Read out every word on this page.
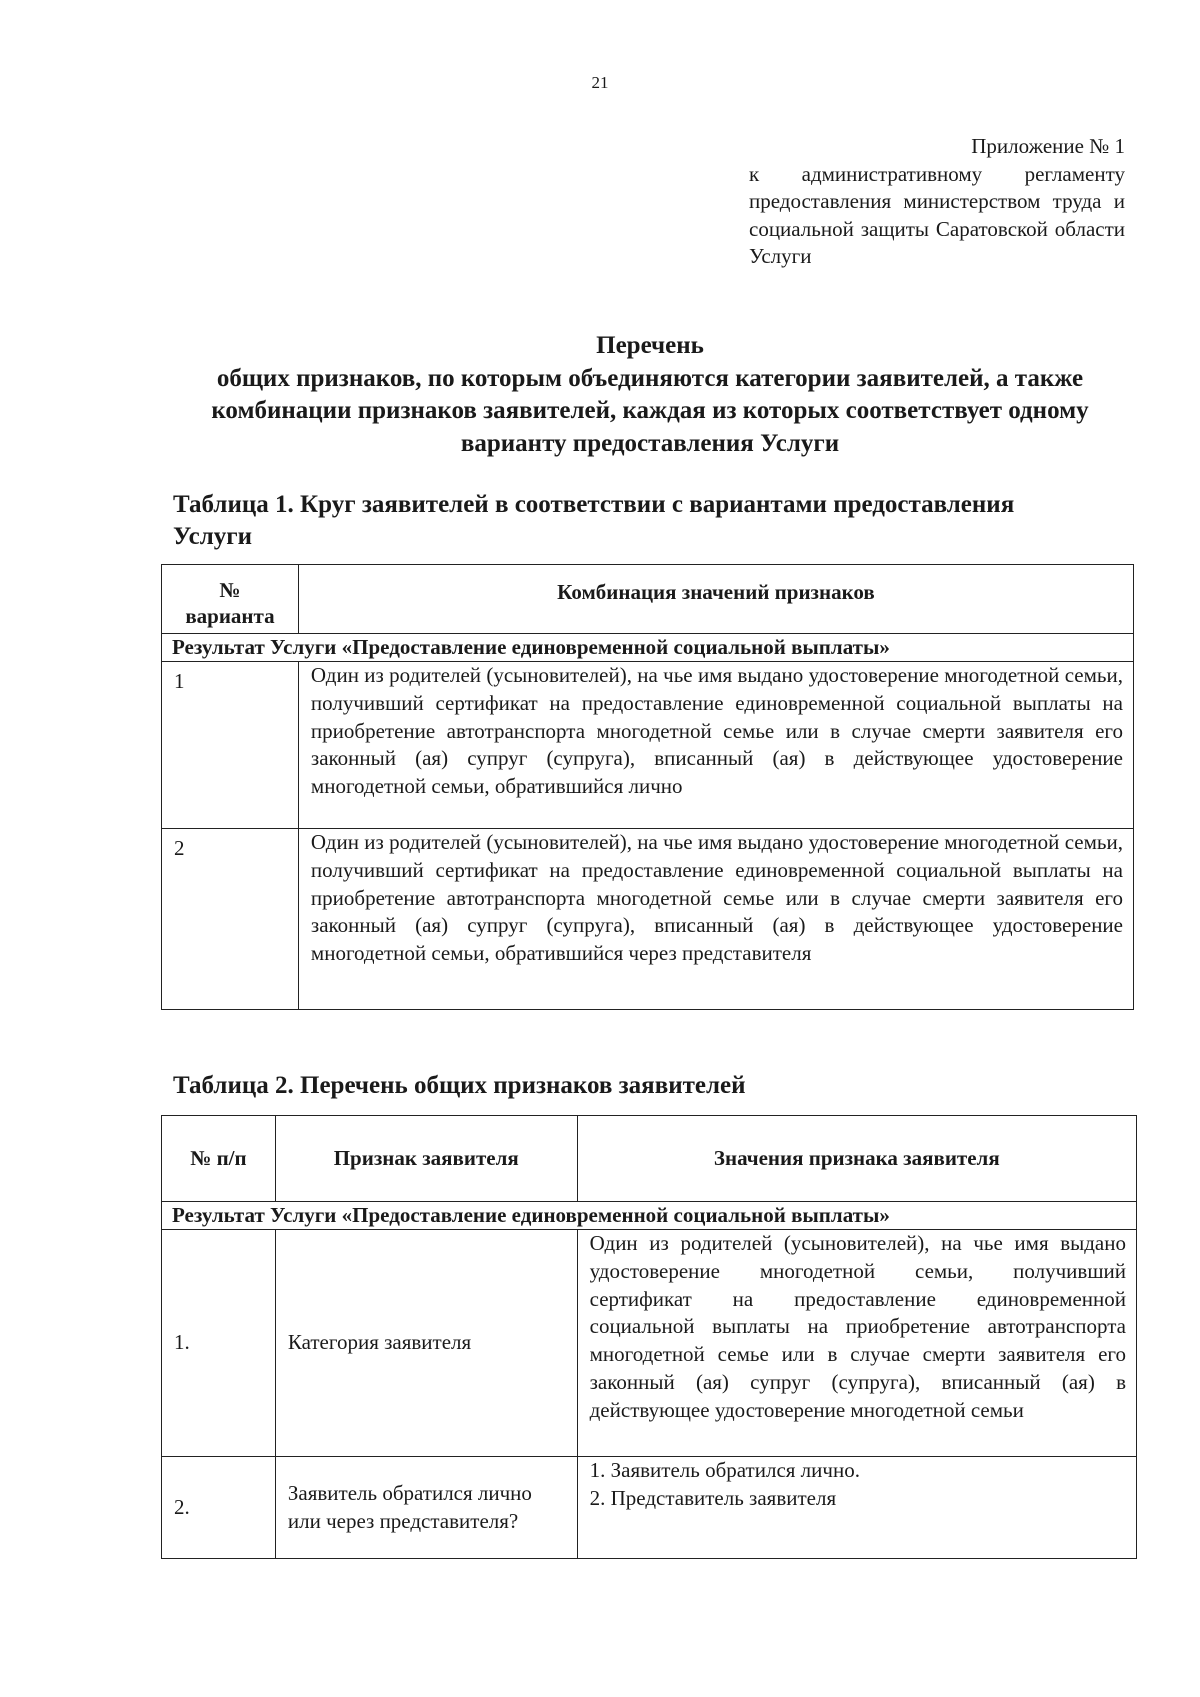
21
Приложение № 1
к административному регламенту предоставления министерством труда и социальной защиты Саратовской области Услуги
Перечень
общих признаков, по которым объединяются категории заявителей, а также комбинации признаков заявителей, каждая из которых соответствует одному варианту предоставления Услуги
Таблица 1. Круг заявителей в соответствии с вариантами предоставления Услуги
№
варианта	Комбинация значений признаков
Результат Услуги «Предоставление единовременной социальной выплаты»	
1	Один из родителей (усыновителей), на чье имя выдано удостоверение многодетной семьи, получивший сертификат на предоставление единовременной социальной выплаты на приобретение автотранспорта многодетной семье или в случае смерти заявителя его законный (ая) супруг (супруга), вписанный (ая) в действующее удостоверение многодетной семьи, обратившийся лично
2	Один из родителей (усыновителей), на чье имя выдано удостоверение многодетной семьи, получивший сертификат на предоставление единовременной социальной выплаты на приобретение автотранспорта многодетной семье или в случае смерти заявителя его законный (ая) супруг (супруга), вписанный (ая) в действующее удостоверение многодетной семьи, обратившийся через представителя
Таблица 2. Перечень общих признаков заявителей
№ п/п	Признак заявителя	Значения признака заявителя
Результат Услуги «Предоставление единовременной социальной выплаты»		
1.	Категория заявителя	Один из родителей (усыновителей), на чье имя выдано удостоверение многодетной семьи, получивший сертификат на предоставление единовременной социальной выплаты на приобретение автотранспорта многодетной семье или в случае смерти заявителя его законный (ая) супруг (супруга), вписанный (ая) в действующее удостоверение многодетной семьи
2.	Заявитель обратился лично или через представителя?	1. Заявитель обратился лично.
2. Представитель заявителя
